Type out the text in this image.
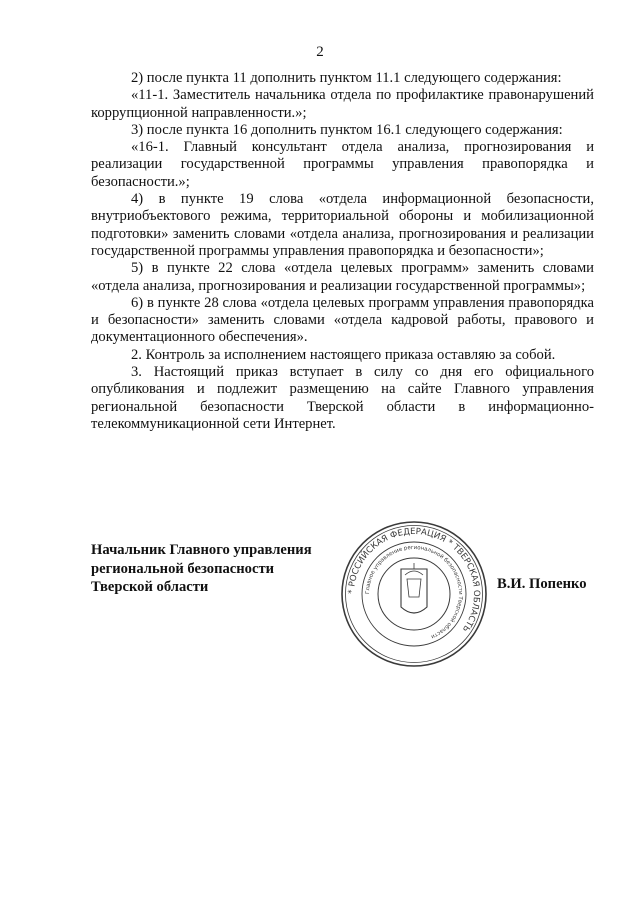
2

2) после пункта 11 дополнить пунктом 11.1 следующего содержания:

«11-1. Заместитель начальника отдела по профилактике правонарушений коррупционной направленности.»;

3) после пункта 16 дополнить пунктом 16.1 следующего содержания:

«16-1. Главный консультант отдела анализа, прогнозирования и реализации государственной программы управления правопорядка и безопасности.»;

4) в пункте 19 слова «отдела информационной безопасности, внутриобъектового режима, территориальной обороны и мобилизационной подготовки» заменить словами «отдела анализа, прогнозирования и реализации государственной программы управления правопорядка и безопасности»;

5) в пункте 22 слова «отдела целевых программ» заменить словами «отдела анализа, прогнозирования и реализации государственной программы»;

6) в пункте 28 слова «отдела целевых программ управления правопорядка и безопасности» заменить словами «отдела кадровой работы, правового и документационного обеспечения».

2. Контроль за исполнением настоящего приказа оставляю за собой.

3. Настоящий приказ вступает в силу со дня его официального опубликования и подлежит размещению на сайте Главного управления региональной безопасности Тверской области в информационно-телекоммуникационной сети Интернет.

Начальник Главного управления
региональной безопасности
Тверской области	* РОССИЙСКАЯ ФЕДЕРАЦИЯ * ТВЕРСКАЯ ОБЛАСТЬ
Главное управление региональной безопасности Тверской области
В.И. Попенко
